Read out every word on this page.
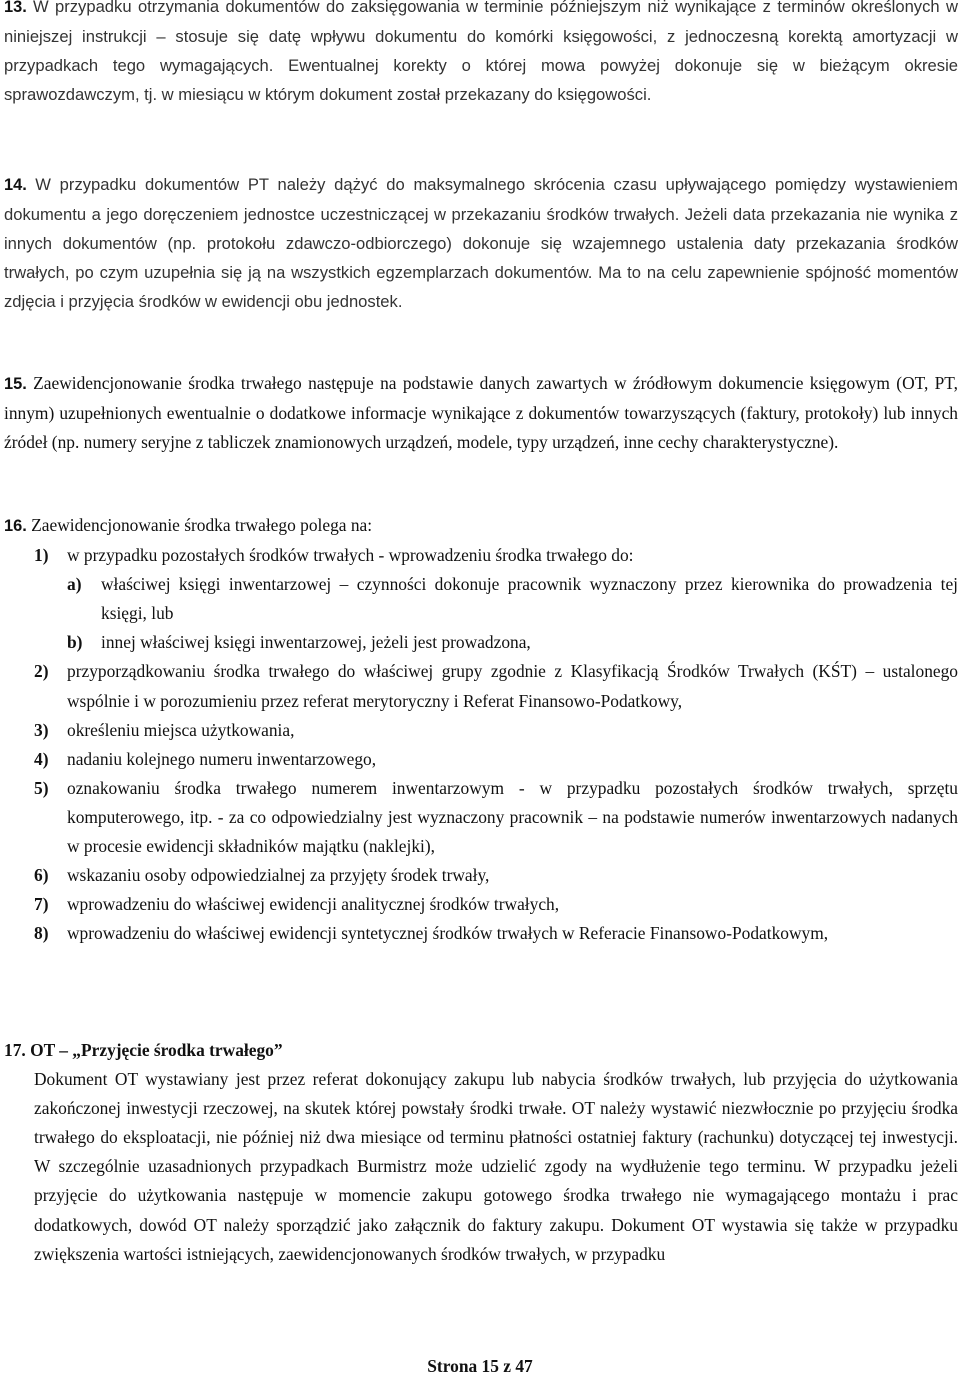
13. W przypadku otrzymania dokumentów do zaksięgowania w terminie późniejszym niż wynikające z terminów określonych w niniejszej instrukcji – stosuje się datę wpływu dokumentu do komórki księgowości, z jednoczesną korektą amortyzacji w przypadkach tego wymagających. Ewentualnej korekty o której mowa powyżej dokonuje się w bieżącym okresie sprawozdawczym, tj. w miesiącu w którym dokument został przekazany do księgowości.
14. W przypadku dokumentów PT należy dążyć do maksymalnego skrócenia czasu upływającego pomiędzy wystawieniem dokumentu a jego doręczeniem jednostce uczestniczącej w przekazaniu środków trwałych. Jeżeli data przekazania nie wynika z innych dokumentów (np. protokołu zdawczo-odbiorczego) dokonuje się wzajemnego ustalenia daty przekazania środków trwałych, po czym uzupełnia się ją na wszystkich egzemplarzach dokumentów. Ma to na celu zapewnienie spójność momentów zdjęcia i przyjęcia środków w ewidencji obu jednostek.
15. Zaewidencjonowanie środka trwałego następuje na podstawie danych zawartych w źródłowym dokumencie księgowym (OT, PT, innym) uzupełnionych ewentualnie o dodatkowe informacje wynikające z dokumentów towarzyszących (faktury, protokoły) lub innych źródeł (np. numery seryjne z tabliczek znamionowych urządzeń, modele, typy urządzeń, inne cechy charakterystyczne).
16. Zaewidencjonowanie środka trwałego polega na:
1) w przypadku pozostałych środków trwałych - wprowadzeniu środka trwałego do:
a) właściwej księgi inwentarzowej – czynności dokonuje pracownik wyznaczony przez kierownika do prowadzenia tej księgi, lub
b) innej właściwej księgi inwentarzowej, jeżeli jest prowadzona,
2) przyporządkowaniu środka trwałego do właściwej grupy zgodnie z Klasyfikacją Środków Trwałych (KŚT) – ustalonego wspólnie i w porozumieniu przez referat merytoryczny i Referat Finansowo-Podatkowy,
3) określeniu miejsca użytkowania,
4) nadaniu kolejnego numeru inwentarzowego,
5) oznakowaniu środka trwałego numerem inwentarzowym - w przypadku pozostałych środków trwałych, sprzętu komputerowego, itp. - za co odpowiedzialny jest wyznaczony pracownik – na podstawie numerów inwentarzowych nadanych w procesie ewidencji składników majątku (naklejki),
6) wskazaniu osoby odpowiedzialnej za przyjęty środek trwały,
7) wprowadzeniu do właściwej ewidencji analitycznej środków trwałych,
8) wprowadzeniu do właściwej ewidencji syntetycznej środków trwałych w Referacie Finansowo-Podatkowym,
17. OT – „Przyjęcie środka trwałego”
Dokument OT wystawiany jest przez referat dokonujący zakupu lub nabycia środków trwałych, lub przyjęcia do użytkowania zakończonej inwestycji rzeczowej, na skutek której powstały środki trwałe. OT należy wystawić niezwłocznie po przyjęciu środka trwałego do eksploatacji, nie później niż dwa miesiące od terminu płatności ostatniej faktury (rachunku) dotyczącej tej inwestycji. W szczególnie uzasadnionych przypadkach Burmistrz może udzielić zgody na wydłużenie tego terminu. W przypadku jeżeli przyjęcie do użytkowania następuje w momencie zakupu gotowego środka trwałego nie wymagającego montażu i prac dodatkowych, dowód OT należy sporządzić jako załącznik do faktury zakupu. Dokument OT wystawia się także w przypadku zwiększenia wartości istniejących, zaewidencjonowanych środków trwałych, w przypadku
Strona 15 z 47
